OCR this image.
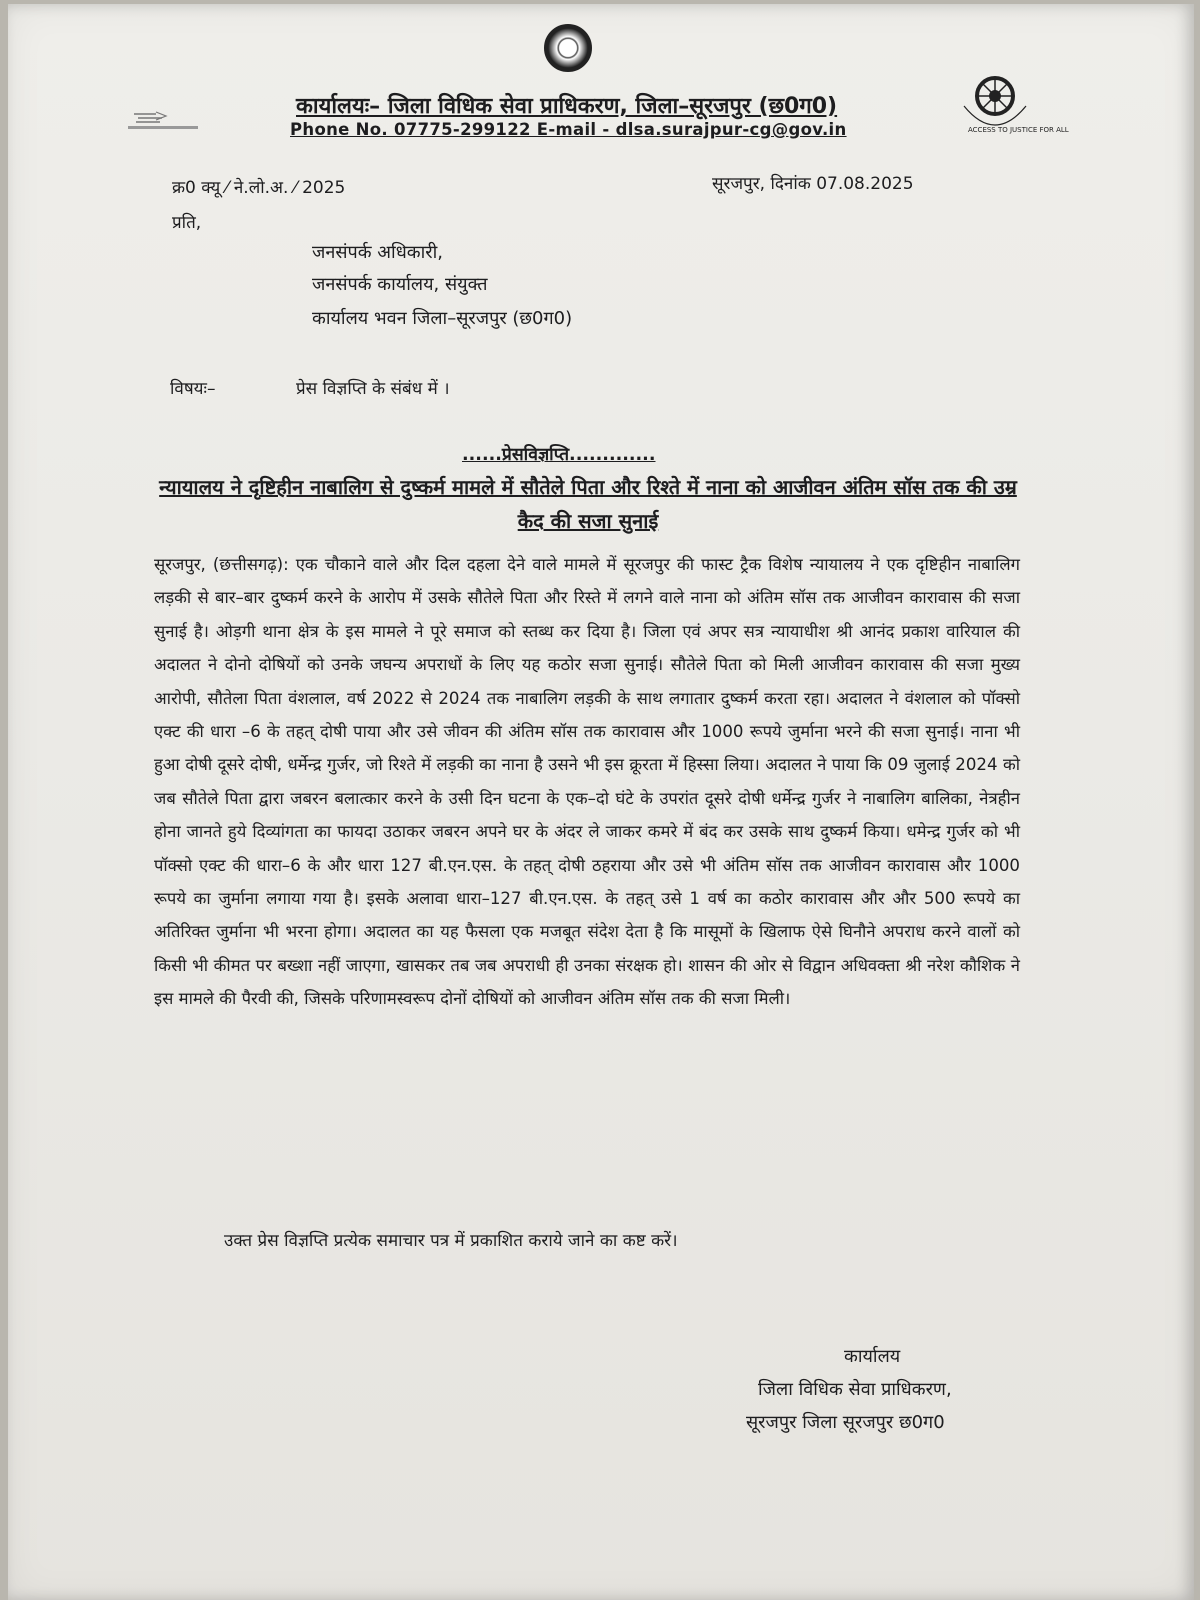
ACCESS TO JUSTICE FOR ALL
कार्यालयः– जिला विधिक सेवा प्राधिकरण, जिला–सूरजपुर (छ0ग0)
Phone No. 07775-299122 E-mail - dlsa.surajpur-cg@gov.in
क्र0 क्यू ⁄ ने.लो.अ. ⁄ 2025	सूरजपुर, दिनांक 07.08.2025
प्रति,
जनसंपर्क अधिकारी,
जनसंपर्क कार्यालय, संयुक्त
कार्यालय भवन जिला–सूरजपुर (छ0ग0)
विषयः–	प्रेस विज्ञप्ति के संबंध में ।
......प्रेसविज्ञप्ति.............
न्यायालय ने दृष्टिहीन नाबालिग से दुष्कर्म मामले में सौतेले पिता और रिश्ते में नाना को आजीवन अंतिम सॉस तक की उम्र कैद की सजा सुनाई
सूरजपुर, (छत्तीसगढ़): एक चौकाने वाले और दिल दहला देने वाले मामले में सूरजपुर की फास्ट ट्रैक विशेष न्यायालय ने एक दृष्टिहीन नाबालिग लड़की से बार–बार दुष्कर्म करने के आरोप में उसके सौतेले पिता और रिस्ते में लगने वाले नाना को अंतिम सॉस तक आजीवन कारावास की सजा सुनाई है। ओड़गी थाना क्षेत्र के इस मामले ने पूरे समाज को स्तब्ध कर दिया है। जिला एवं अपर सत्र न्यायाधीश श्री आनंद प्रकाश वारियाल की अदालत ने दोनो दोषियों को उनके जघन्य अपराधों के लिए यह कठोर सजा सुनाई। सौतेले पिता को मिली आजीवन कारावास की सजा मुख्य आरोपी, सौतेला पिता वंशलाल, वर्ष 2022 से 2024 तक नाबालिग लड़की के साथ लगातार दुष्कर्म करता रहा। अदालत ने वंशलाल को पॉक्सो एक्ट की धारा –6 के तहत् दोषी पाया और उसे जीवन की अंतिम सॉस तक कारावास और 1000 रूपये जुर्माना भरने की सजा सुनाई। नाना भी हुआ दोषी दूसरे दोषी, धर्मेन्द्र गुर्जर, जो रिश्ते में लड़की का नाना है उसने भी इस क्रूरता में हिस्सा लिया। अदालत ने पाया कि 09 जुलाई 2024 को जब सौतेले पिता द्वारा जबरन बलात्कार करने के उसी दिन घटना के एक–दो घंटे के उपरांत दूसरे दोषी धर्मेन्द्र गुर्जर ने नाबालिग बालिका, नेत्रहीन होना जानते हुये दिव्यांगता का फायदा उठाकर जबरन अपने घर के अंदर ले जाकर कमरे में बंद कर उसके साथ दुष्कर्म किया। धमेन्द्र गुर्जर को भी पॉक्सो एक्ट की धारा–6 के और धारा 127 बी.एन.एस. के तहत् दोषी ठहराया और उसे भी अंतिम सॉस तक आजीवन कारावास और 1000 रूपये का जुर्माना लगाया गया है। इसके अलावा धारा–127 बी.एन.एस. के तहत् उसे 1 वर्ष का कठोर कारावास और और 500 रूपये का अतिरिक्त जुर्माना भी भरना होगा। अदालत का यह फैसला एक मजबूत संदेश देता है कि मासूमों के खिलाफ ऐसे घिनौने अपराध करने वालों को किसी भी कीमत पर बख्शा नहीं जाएगा, खासकर तब जब अपराधी ही उनका संरक्षक हो। शासन की ओर से विद्वान अधिवक्ता श्री नरेश कौशिक ने इस मामले की पैरवी की, जिसके परिणामस्वरूप दोनों दोषियों को आजीवन अंतिम सॉस तक की सजा मिली।
उक्त प्रेस विज्ञप्ति प्रत्येक समाचार पत्र में प्रकाशित कराये जाने का कष्ट करें।
कार्यालय
जिला विधिक सेवा प्राधिकरण,
सूरजपुर जिला सूरजपुर छ0ग0
